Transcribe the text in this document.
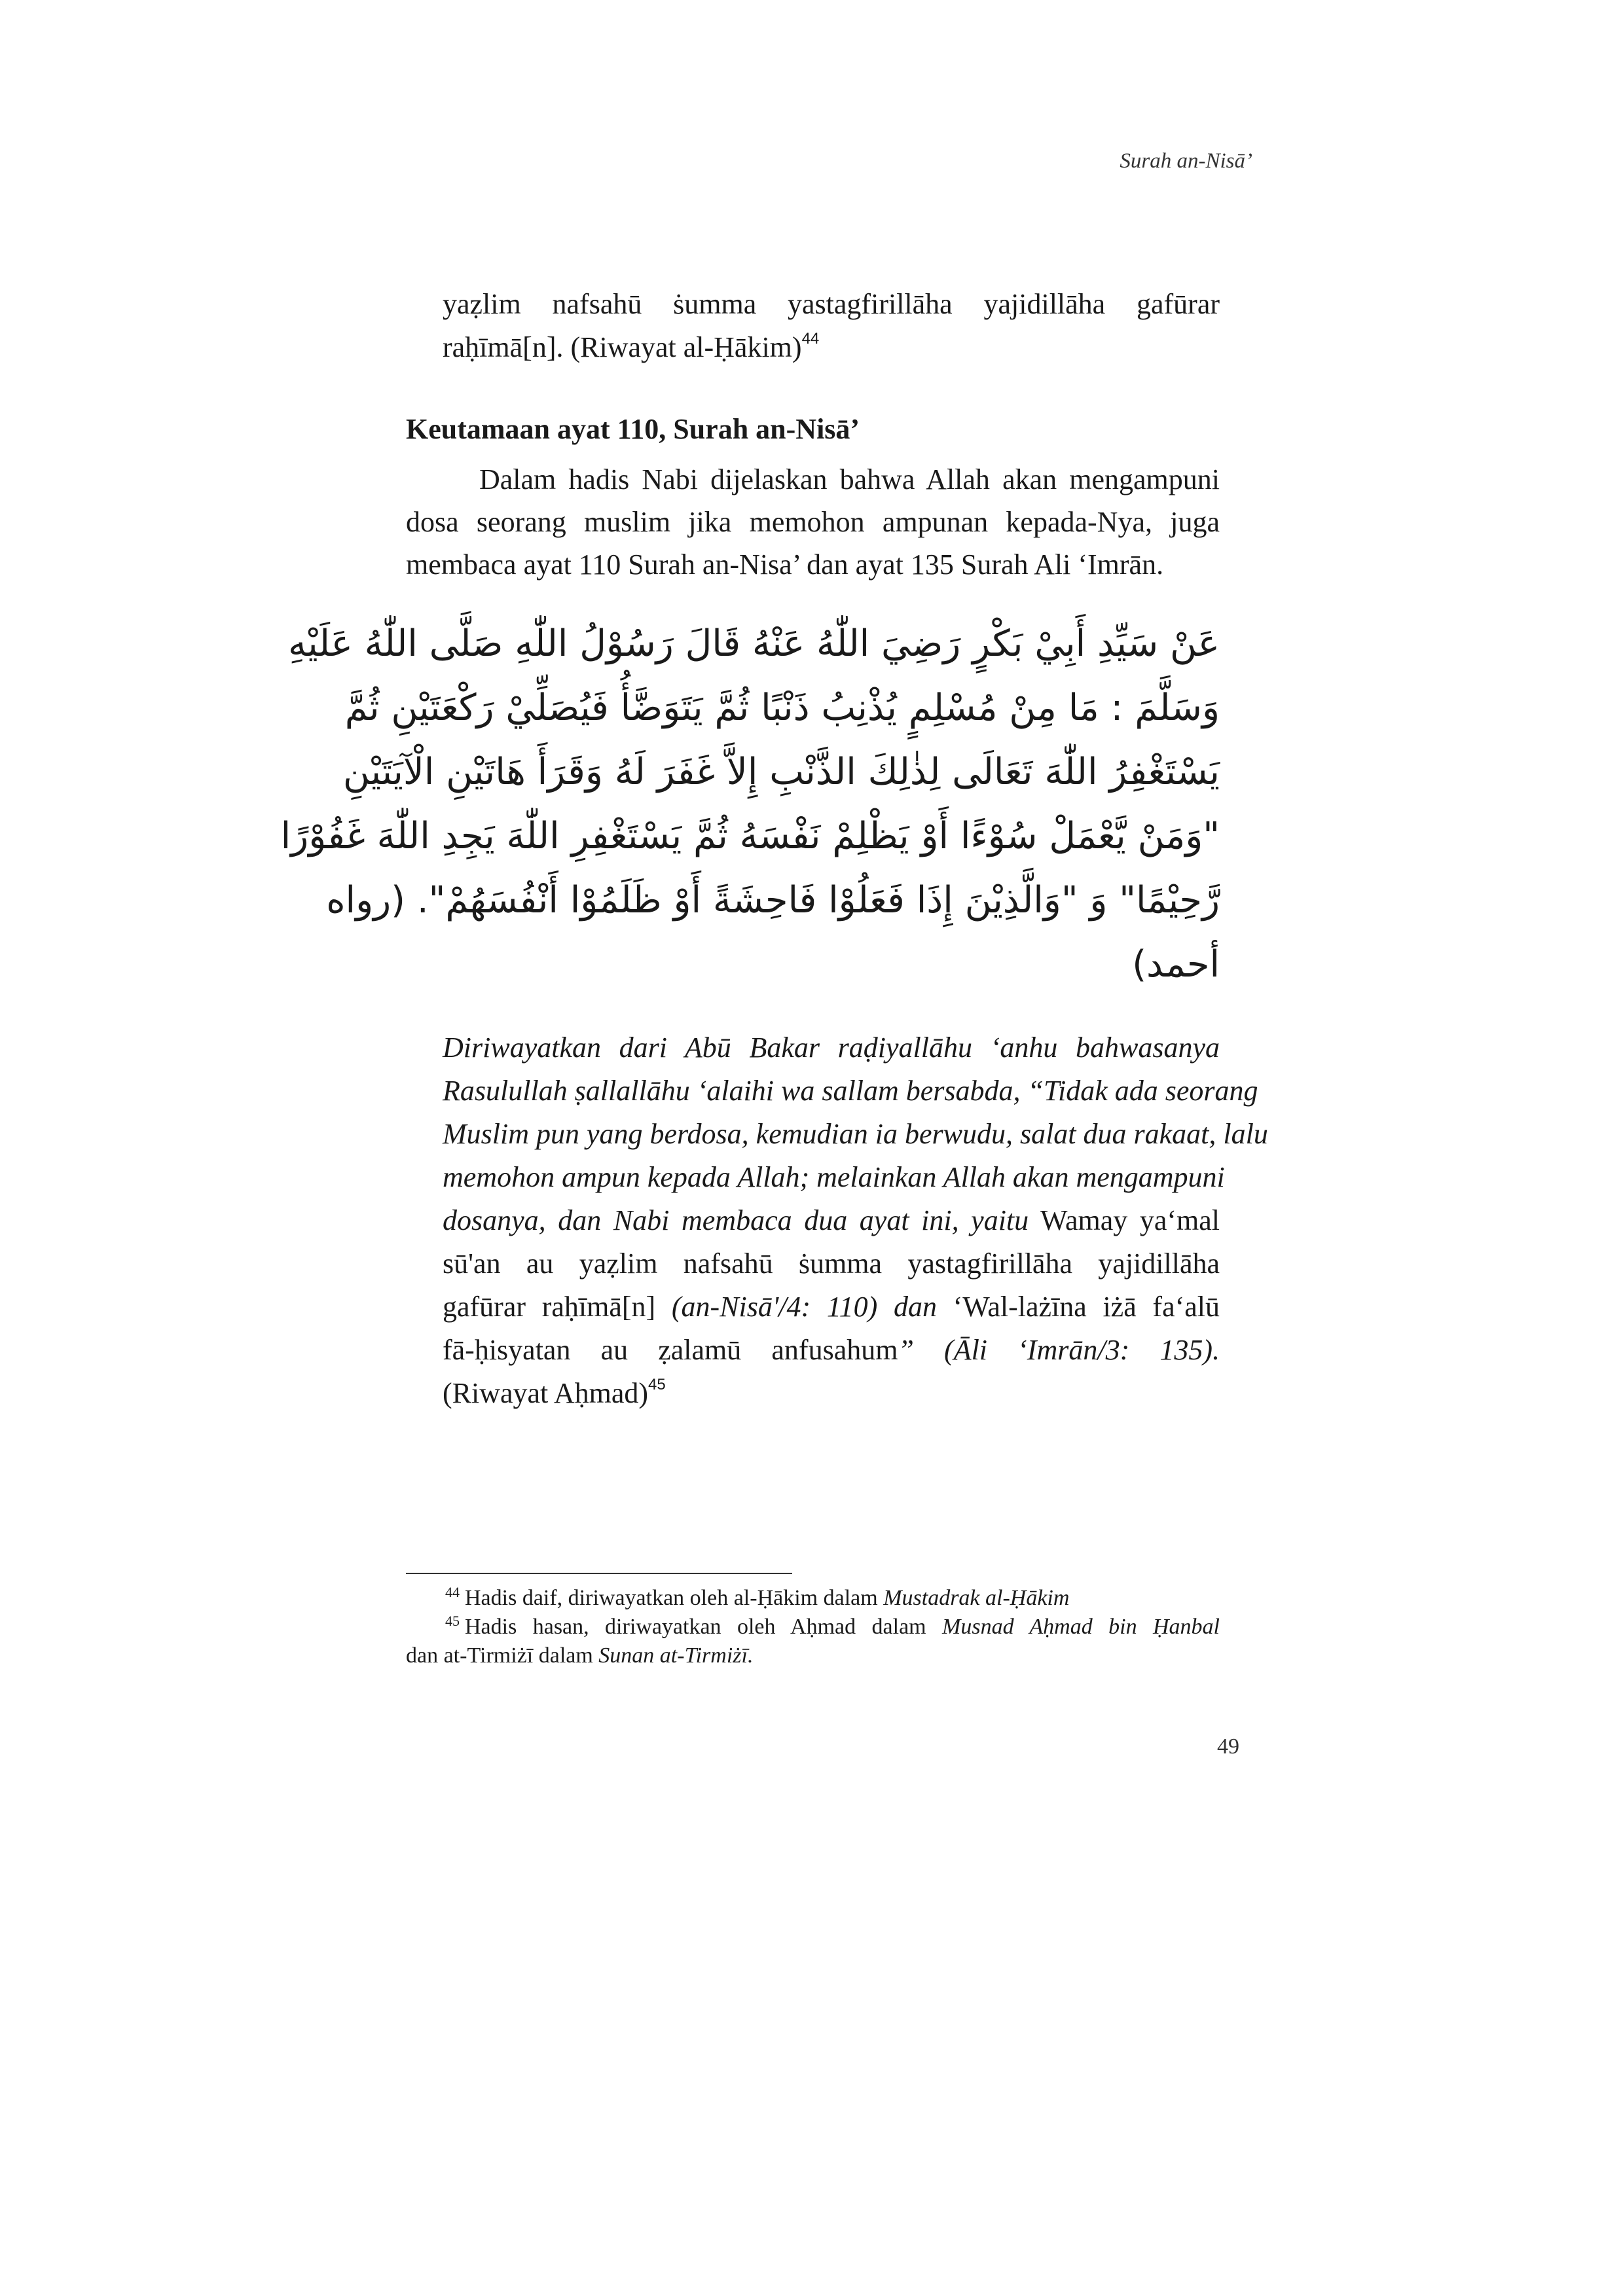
Surah an-Nisā’
yaẓlim nafsahū ṡumma yastagfirillāha yajidillāha gafūrar
raḥīmā[n]. (Riwayat al-Ḥākim)$^{44}$
Keutamaan ayat 110, Surah an-Nisā’
Dalam hadis Nabi dijelaskan bahwa Allah akan mengampuni
dosa seorang muslim jika memohon ampunan kepada-Nya, juga
membaca ayat 110 Surah an-Nisa’ dan ayat 135 Surah Ali ‘Imrān.
عَنْ سَيِّدِ أَبِيْ بَكْرٍ رَضِيَ اللّٰهُ عَنْهُ قَالَ رَسُوْلُ اللّٰهِ صَلَّى اللّٰهُ عَلَيْهِ
وَسَلَّمَ : مَا مِنْ مُسْلِمٍ يُذْنِبُ ذَنْبًا ثُمَّ يَتَوَضَّأُ فَيُصَلِّيْ رَكْعَتَيْنِ ثُمَّ
يَسْتَغْفِرُ اللّٰهَ تَعَالَى لِذٰلِكَ الذَّنْبِ إِلاَّ غَفَرَ لَهُ وَقَرَأَ هَاتَيْنِ الْآيَتَيْنِ
"وَمَنْ يَّعْمَلْ سُوْءًا أَوْ يَظْلِمْ نَفْسَهُ ثُمَّ يَسْتَغْفِرِ اللّٰهَ يَجِدِ اللّٰهَ غَفُوْرًا
رَّحِيْمًا" وَ "وَالَّذِيْنَ إِذَا فَعَلُوْا فَاحِشَةً أَوْ ظَلَمُوْا أَنْفُسَهُمْ". (رواه
أحمد)
Diriwayatkan dari Abū Bakar raḍiyallāhu ‘anhu bahwasanya
Rasulullah ṣallallāhu ‘alaihi wa sallam bersabda, “Tidak ada seorang
Muslim pun yang berdosa, kemudian ia berwudu, salat dua rakaat, lalu
memohon ampun kepada Allah; melainkan Allah akan mengampuni
dosanya, dan Nabi membaca dua ayat ini, yaitu Wamay ya‘mal
sū'an au yaẓlim nafsahū ṡumma yastagfirillāha yajidillāha
gafūrar raḥīmā[n] (an-Nisā'/4: 110) dan ‘Wal-lażīna iżā fa‘alū
fā-ḥisyatan au ẓalamū anfusahum” (Āli ‘Imrān/3: 135).
(Riwayat Aḥmad)$^{45}$
$^{44}$ Hadis daif, diriwayatkan oleh al-Ḥākim dalam Mustadrak al-Ḥākim
$^{45}$ Hadis hasan, diriwayatkan oleh Aḥmad dalam Musnad Aḥmad bin Ḥanbal
dan at-Tirmiżī dalam Sunan at-Tirmiżī.
49
